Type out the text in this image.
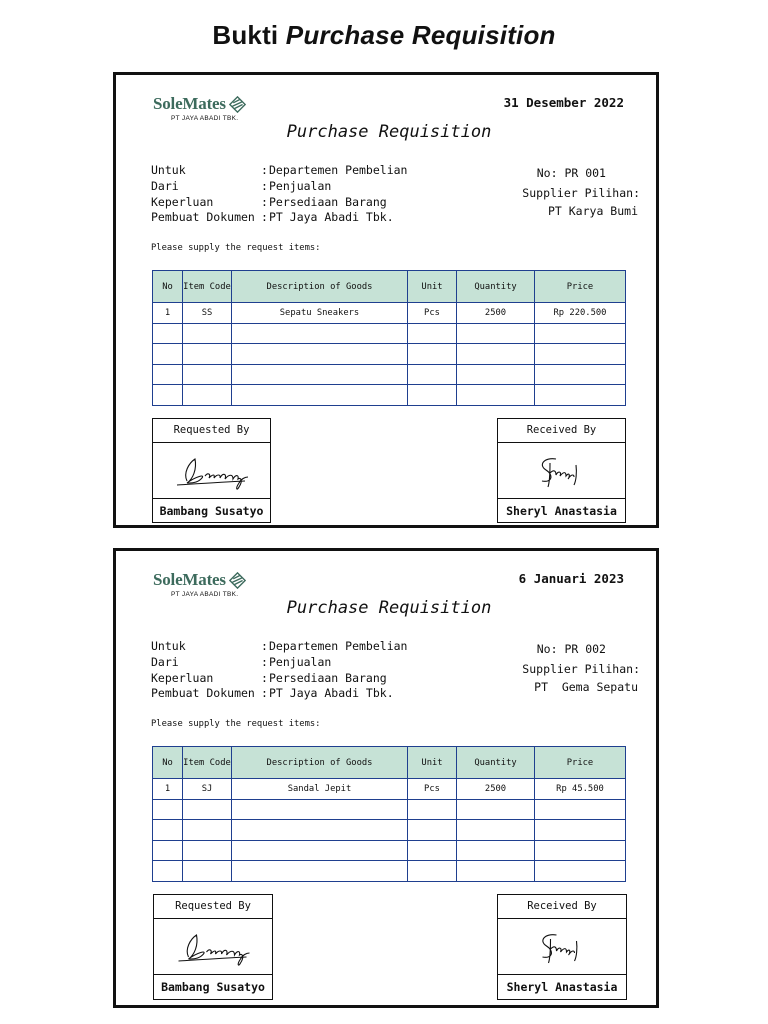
Bukti Purchase Requisition
SoleMates
PT JAYA ABADI TBK.
31 Desember 2022
Purchase Requisition
Untuk	: Departemen Pembelian
Dari	: Penjualan
Keperluan	: Persediaan Barang
Pembuat Dokumen : PT Jaya Abadi Tbk.
No: PR 001
Supplier Pilihan:
PT Karya Bumi
Please supply the request items:
No	Item Code	Description of Goods	Unit	Quantity	Price
1	SS	Sepatu Sneakers	Pcs	2500	Rp 220.500

Requested By
Bambang Susatyo
Received By
Sheryl Anastasia
SoleMates
PT JAYA ABADI TBK.
6 Januari 2023
Purchase Requisition
Untuk	: Departemen Pembelian
Dari	: Penjualan
Keperluan	: Persediaan Barang
Pembuat Dokumen : PT Jaya Abadi Tbk.
No: PR 002
Supplier Pilihan:
PT  Gema Sepatu
Please supply the request items:
No	Item Code	Description of Goods	Unit	Quantity	Price
1	SJ	Sandal Jepit	Pcs	2500	Rp 45.500

Requested By
Bambang Susatyo
Received By
Sheryl Anastasia
